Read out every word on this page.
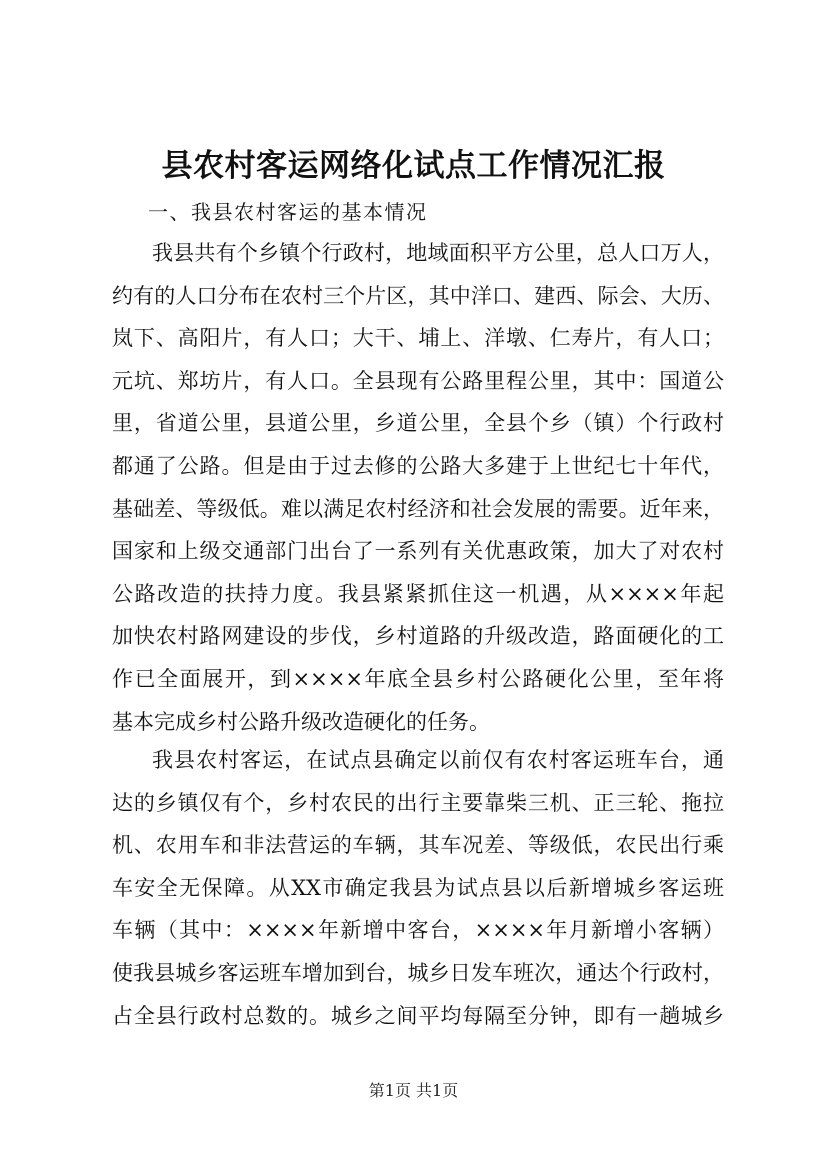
县农村客运网络化试点工作情况汇报
一、我县农村客运的基本情况
我县共有个乡镇个行政村，地域面积平方公里，总人口万人，
约有的人口分布在农村三个片区，其中洋口、建西、际会、大历、
岚下、高阳片，有人口；大干、埔上、洋墩、仁寿片，有人口；
元坑、郑坊片，有人口。全县现有公路里程公里，其中：国道公
里，省道公里，县道公里，乡道公里，全县个乡（镇）个行政村
都通了公路。但是由于过去修的公路大多建于上世纪七十年代，
基础差、等级低。难以满足农村经济和社会发展的需要。近年来，
国家和上级交通部门出台了一系列有关优惠政策，加大了对农村
公路改造的扶持力度。我县紧紧抓住这一机遇，从××××年起
加快农村路网建设的步伐，乡村道路的升级改造，路面硬化的工
作已全面展开，到××××年底全县乡村公路硬化公里，至年将
基本完成乡村公路升级改造硬化的任务。
我县农村客运，在试点县确定以前仅有农村客运班车台，通
达的乡镇仅有个，乡村农民的出行主要靠柴三机、正三轮、拖拉
机、农用车和非法营运的车辆，其车况差、等级低，农民出行乘
车安全无保障。从XX市确定我县为试点县以后新增城乡客运班
车辆（其中：××××年新增中客台，××××年月新增小客辆）
使我县城乡客运班车增加到台，城乡日发车班次，通达个行政村，
占全县行政村总数的。城乡之间平均每隔至分钟，即有一趟城乡
第1页 共1页
